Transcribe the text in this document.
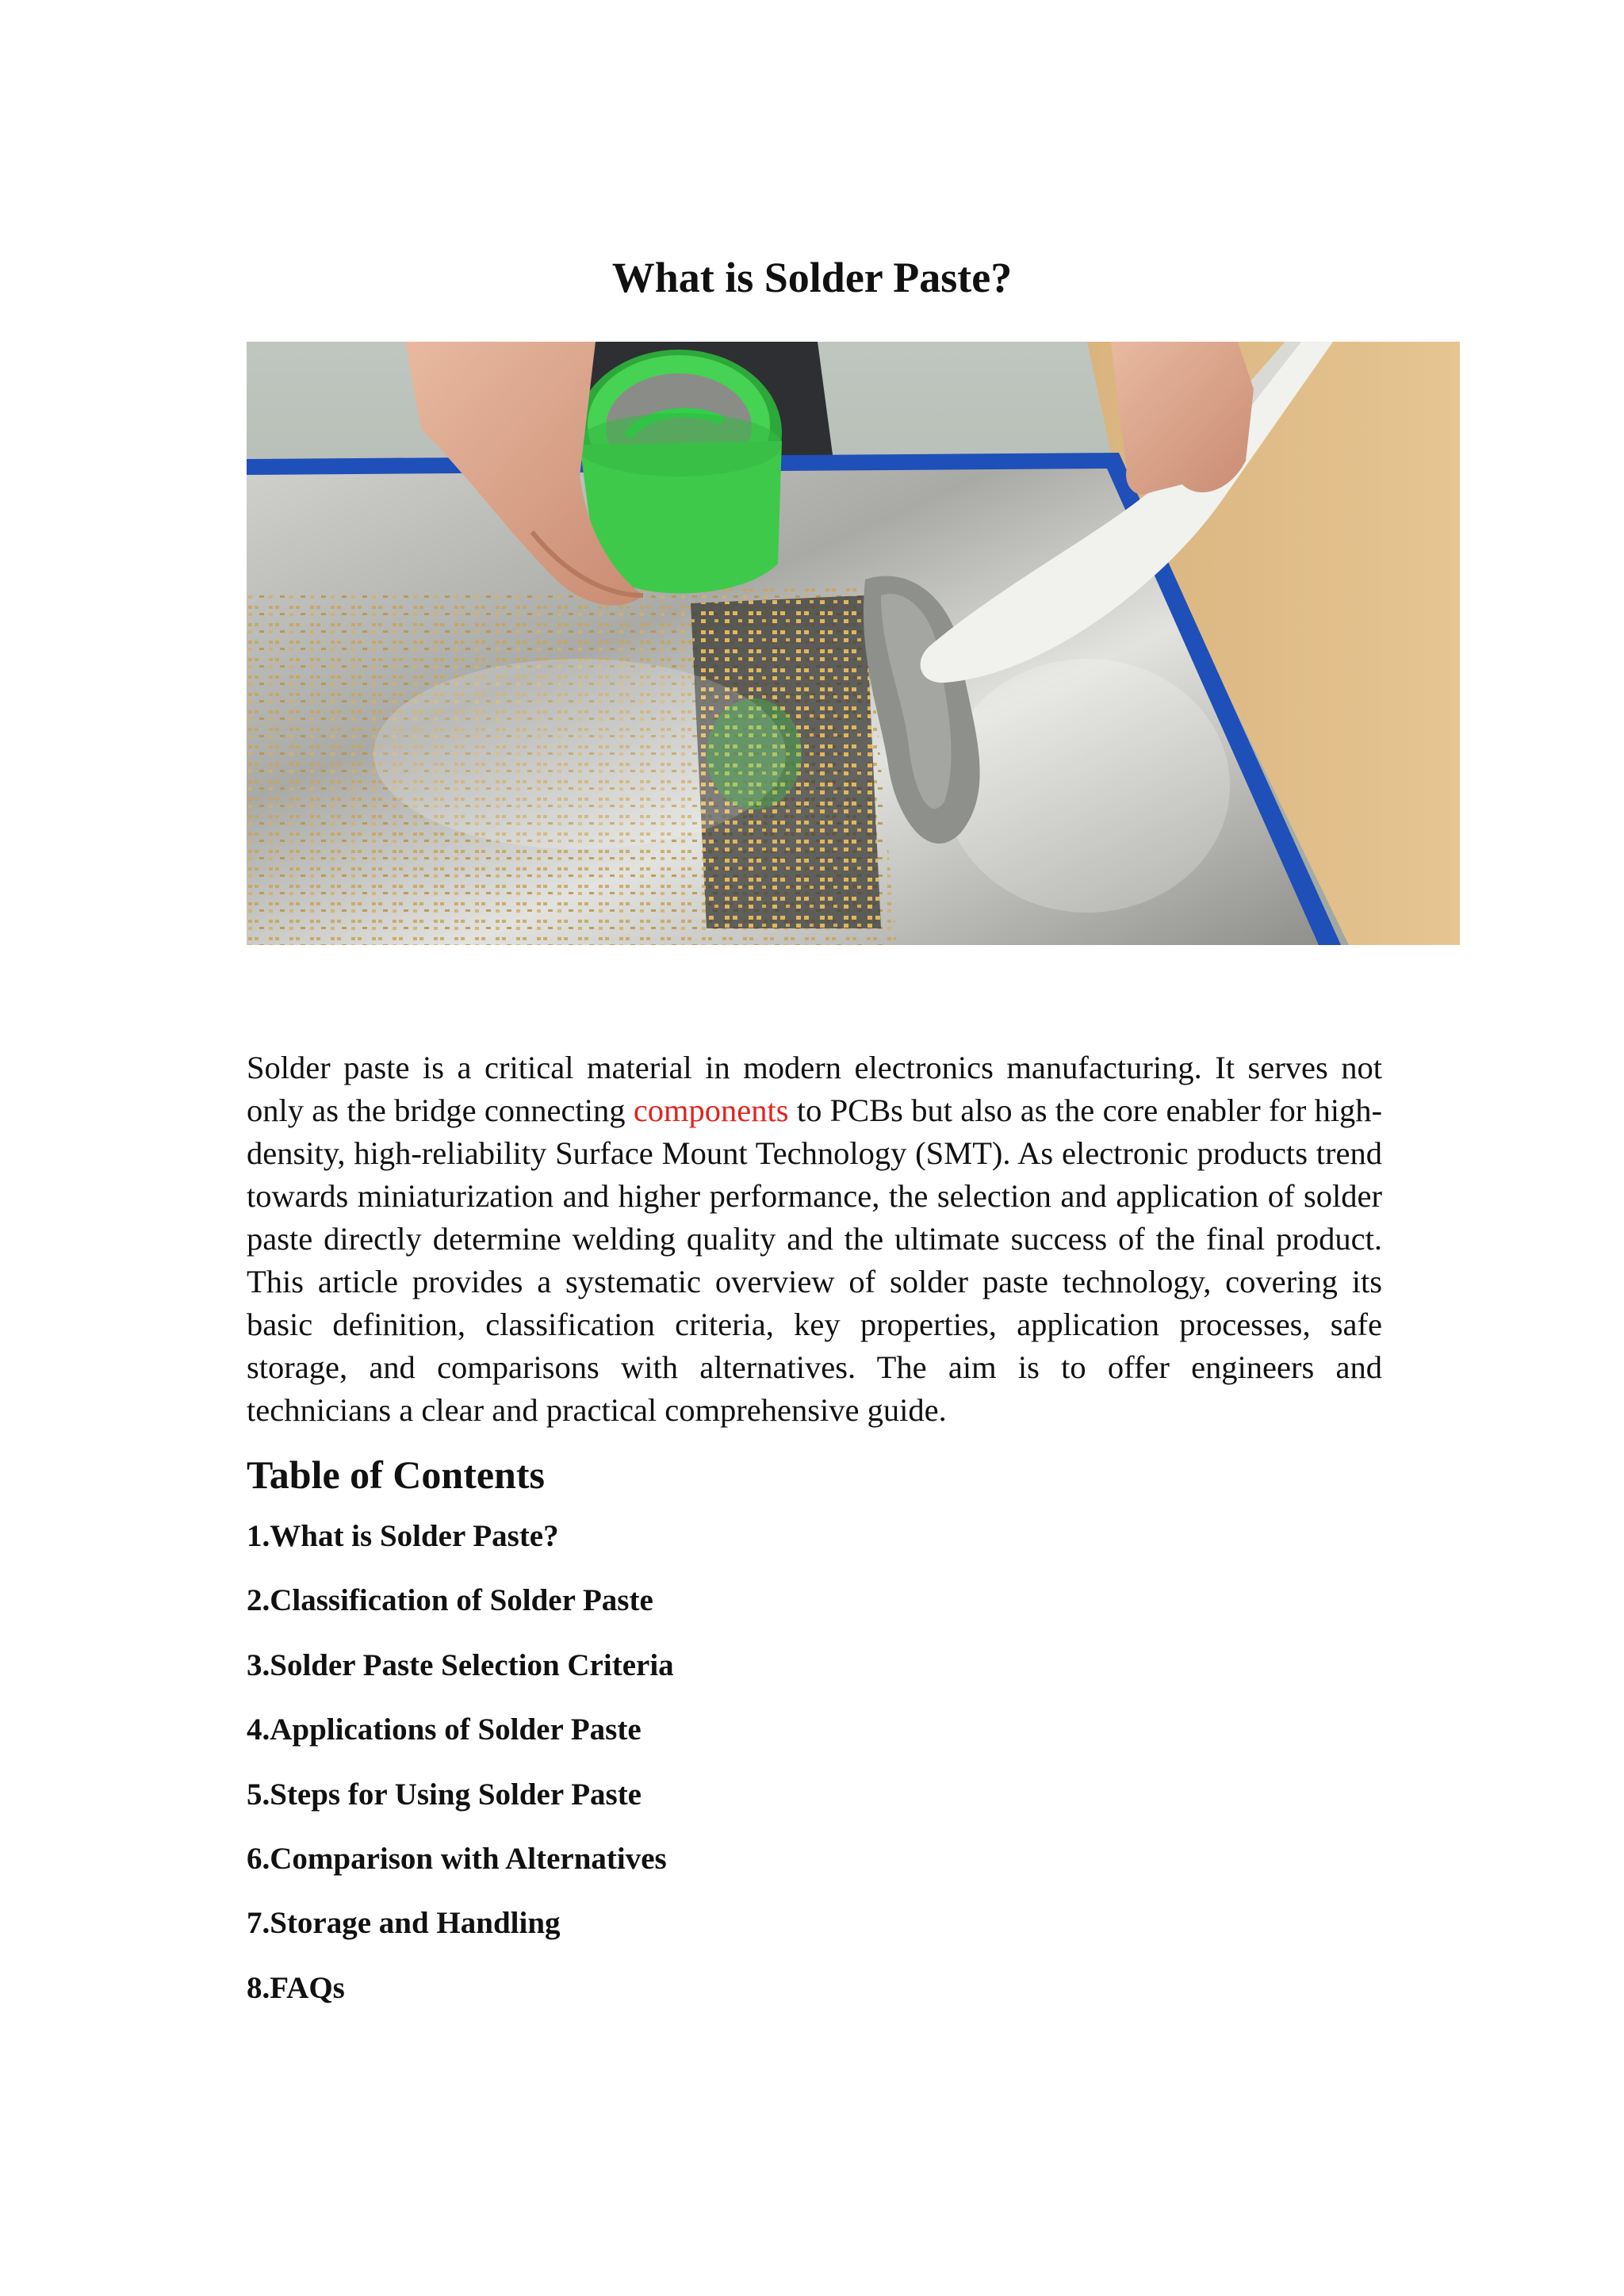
What is Solder Paste?

Solder paste is a critical material in modern electronics manufacturing. It serves not only as the bridge connecting components to PCBs but also as the core enabler for high-density, high-reliability Surface Mount Technology (SMT). As electronic products trend towards miniaturization and higher performance, the selection and application of solder paste directly determine welding quality and the ultimate success of the final product. This article provides a systematic overview of solder paste technology, covering its basic definition, classification criteria, key properties, application processes, safe storage, and comparisons with alternatives. The aim is to offer engineers and technicians a clear and practical comprehensive guide.

Table of Contents
1.What is Solder Paste?
2.Classification of Solder Paste
3.Solder Paste Selection Criteria
4.Applications of Solder Paste
5.Steps for Using Solder Paste
6.Comparison with Alternatives
7.Storage and Handling
8.FAQs
